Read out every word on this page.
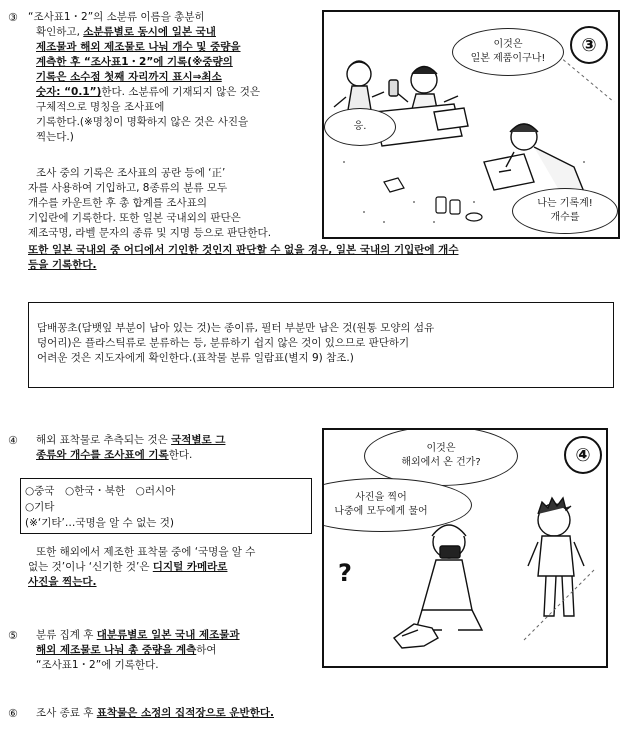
③ “조사표1・2”의 소분류 이름을 총분히
확인하고, 소분류별로 동시에 일본 국내
제조물과 해외 제조물로 나눠 개수 및 중량을
계측한 후 “조사표1・2”에 기록(※중량의
기록은 소수점 첫째 자리까지 표시⇒최소
숫자: “0.1”)한다. 소분류에 기재되지 않은 것은
구체적으로 명칭을 조사표에
기록한다.(※명칭이 명확하지 않은 것은 사진을
찍는다.)
조사 중의 기록은 조사표의 공란 등에 ‘正’
자를 사용하여 기입하고, 8종류의 분류 모두
개수를 카운트한 후 총 합계를 조사표의
기입란에 기록한다. 또한 일본 국내외의 판단은
제조국명, 라벨 문자의 종류 및 지명 등으로 판단한다.
또한 일본 국내외 중 어디에서 기인한 것인지 판단할 수 없을 경우, 일본 국내의 기입란에 개수
등을 기록한다.
③
이것은
일본 제품이구나!
응.
나는 기록계!
개수를
담배꽁초(담뱃잎 부분이 남아 있는 것)는 종이류, 필터 부분만 남은 것(원통 모양의 섬유
덩어리)은 플라스틱류로 분류하는 등, 분류하기 쉽지 않은 것이 있으므로 판단하기
어려운 것은 지도자에게 확인한다.(표착물 분류 일람표(별지 9) 참조.)
④ 해외 표착물로 추측되는 것은 국적별로 그
종류와 개수를 조사표에 기록한다.
○중국　○한국・북한　○러시아
○기타
(※‘기타’…국명을 알 수 없는 것)
또한 해외에서 제조한 표착물 중에 ‘국명을 알 수
없는 것’이나 ‘신기한 것’은 디지털 카메라로
사진을 찍는다.
④
?
이것은
해외에서 온 건가?
사진을 찍어
나중에 모두에게 물어
⑤ 분류 집계 후 대분류별로 일본 국내 제조물과
해외 제조물로 나눠 총 중량을 계측하여
“조사표1・2”에 기록한다.
⑥ 조사 종료 후 표착물은 소정의 집적장으로 운반한다.
